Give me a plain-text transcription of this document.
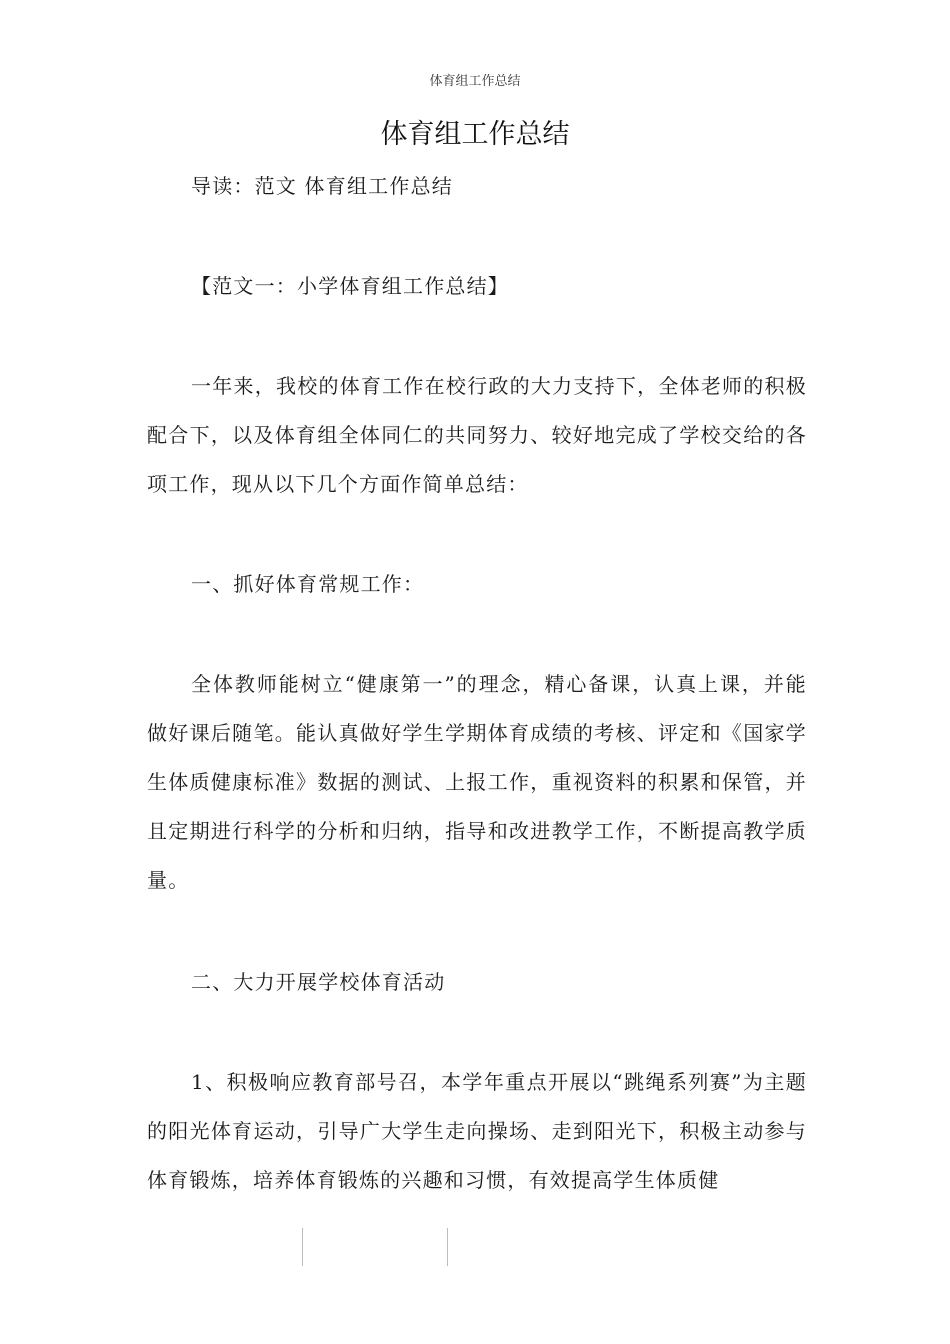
体育组工作总结
体育组工作总结

导读：范文 体育组工作总结

【范文一：小学体育组工作总结】

一年来，我校的体育工作在校行政的大力支持下，全体老师的积极配合下，以及体育组全体同仁的共同努力、较好地完成了学校交给的各项工作，现从以下几个方面作简单总结：

一、抓好体育常规工作：

全体教师能树立“健康第一”的理念，精心备课，认真上课，并能做好课后随笔。能认真做好学生学期体育成绩的考核、评定和《国家学生体质健康标准》数据的测试、上报工作，重视资料的积累和保管，并且定期进行科学的分析和归纳，指导和改进教学工作，不断提高教学质量。

二、大力开展学校体育活动

1、积极响应教育部号召，本学年重点开展以“跳绳系列赛”为主题的阳光体育运动，引导广大学生走向操场、走到阳光下，积极主动参与体育锻炼，培养体育锻炼的兴趣和习惯，有效提高学生体质健
